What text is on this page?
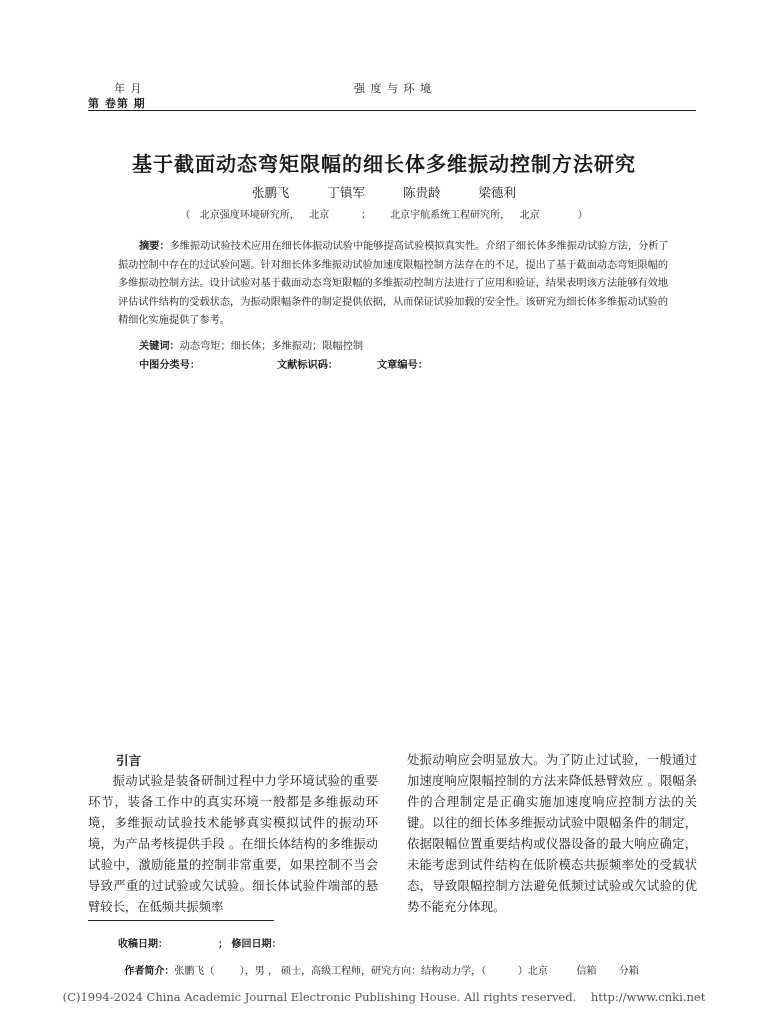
年 月
第 卷第 期
强 度 与 环 境
基于截面动态弯矩限幅的细长体多维振动控制方法研究
张鹏飞	丁镇军	陈贵龄	梁德利
（   北京强度环境研究所，   北京          ；      北京宇航系统工程研究所，   北京            ）
摘要：多维振动试验技术应用在细长体振动试验中能够提高试验模拟真实性。介绍了细长体多维振动试验方法，分析了振动控制中存在的过试验问题。针对细长体多维振动试验加速度限幅控制方法存在的不足，提出了基于截面动态弯矩限幅的多维振动控制方法。设计试验对基于截面动态弯矩限幅的多维振动控制方法进行了应用和验证，结果表明该方法能够有效地评估试件结构的受载状态，为振动限幅条件的制定提供依据，从而保证试验加载的安全性。该研究为细长体多维振动试验的精细化实施提供了参考。
关键词：动态弯矩；细长体；多维振动；限幅控制
中图分类号：	文献标识码：	文章编号：
引言

振动试验是装备研制过程中力学环境试验的重要环节，装备工作中的真实环境一般都是多维振动环境，多维振动试验技术能够真实模拟试件的振动环境，为产品考核提供手段 。在细长体结构的多维振动试验中，激励能量的控制非常重要，如果控制不当会导致严重的过试验或欠试验。细长体试验件端部的悬臂较长，在低频共振频率

处振动响应会明显放大。为了防止过试验，一般通过加速度响应限幅控制的方法来降低悬臂效应 。限幅条件的合理制定是正确实施加速度响应控制方法的关键。以往的细长体多维振动试验中限幅条件的制定，依据限幅位置重要结构或仪器设备的最大响应确定，未能考虑到试件结构在低阶模态共振频率处的受载状态，导致限幅控制方法避免低频过试验或欠试验的优势不能充分体现。

收稿日期：	； 修回日期：

作者简介：张鹏飞（        ），男 ， 硕士，高级工程师，研究方向：结构动力学，（          ）北京         信箱       分箱

(C)1994-2024 China Academic Journal Electronic Publishing House. All rights reserved.    http://www.cnki.net
